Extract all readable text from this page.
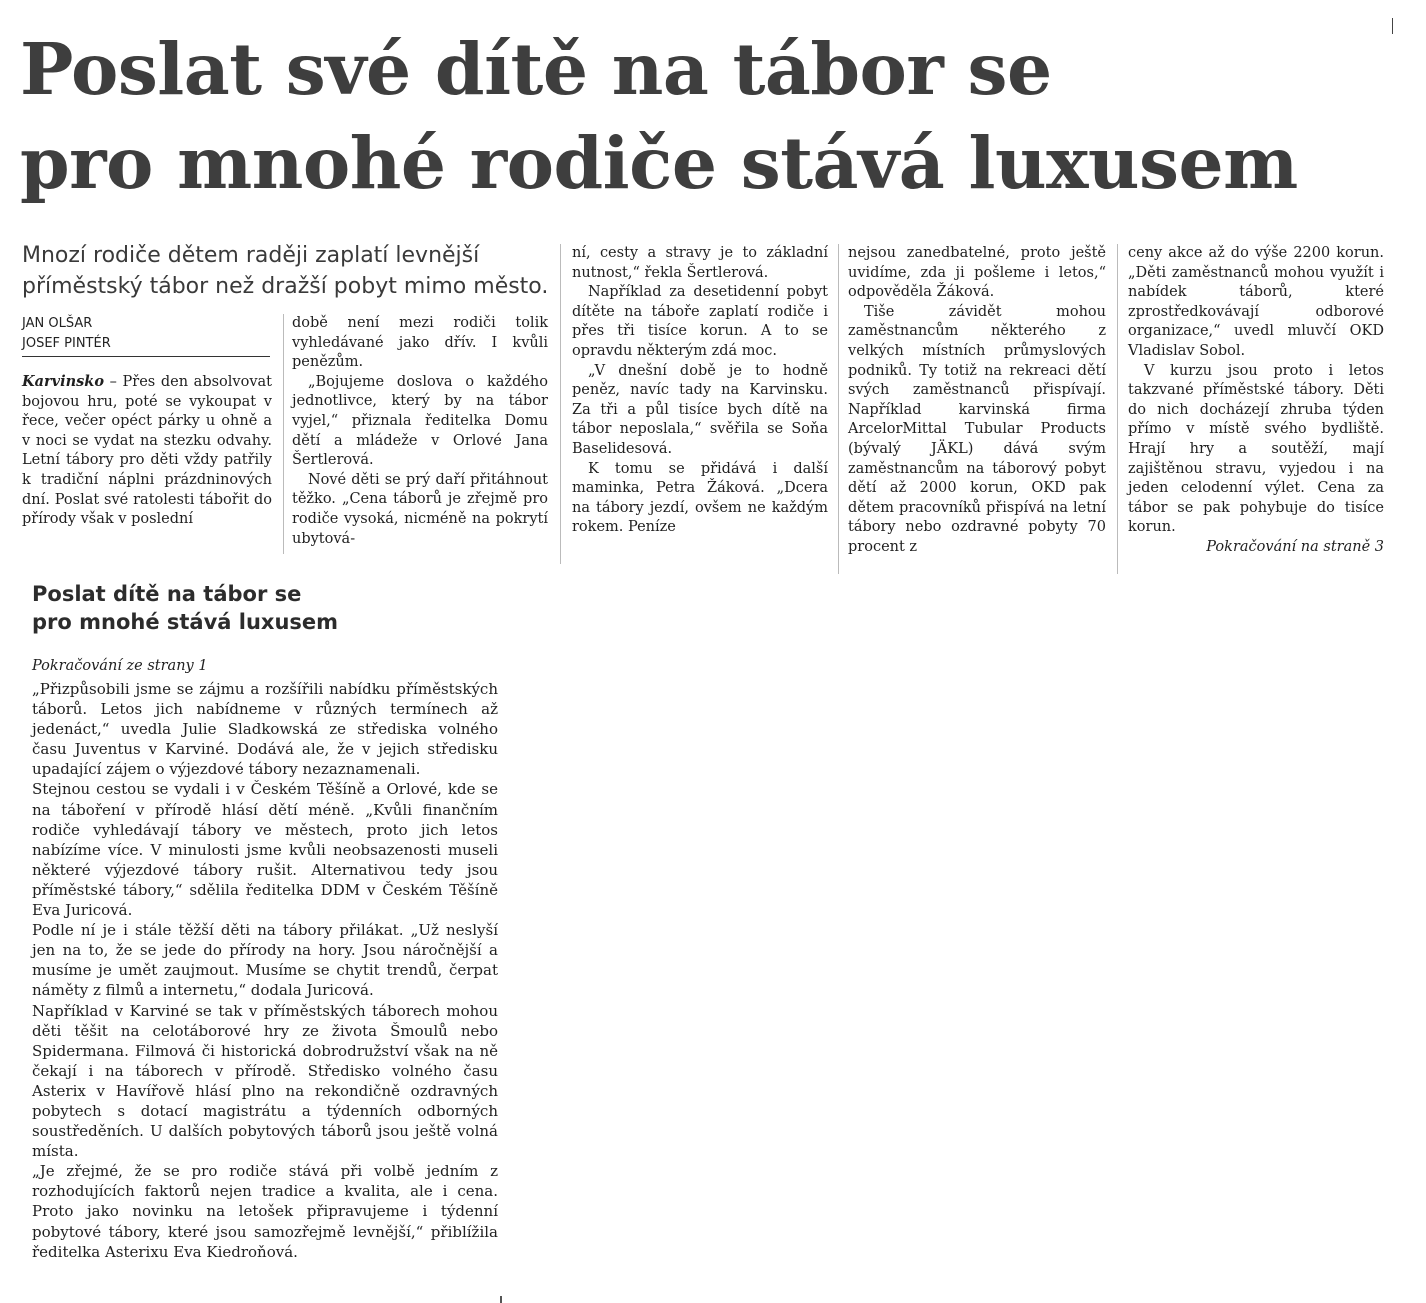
Poslat své dítě na tábor se
pro mnohé rodiče stává luxusem

Mnozí rodiče dětem raději zaplatí levnější příměstský tábor než dražší pobyt mimo město.

JAN OLŠAR
JOSEF PINTÉR

Karvinsko – Přes den absolvovat bojovou hru, poté se vykoupat v řece, večer opéct párky u ohně a v noci se vydat na stezku odvahy. Letní tábory pro děti vždy patřily k tradiční náplni prázdninových dní. Poslat své ratolesti tábořit do přírody však v poslední

době není mezi rodiči tolik vyhledávané jako dřív. I kvůli penězům.

„Bojujeme doslova o každého jednotlivce, který by na tábor vyjel,“ přiznala ředitelka Domu dětí a mládeže v Orlové Jana Šertlerová.

Nové děti se prý daří přitáhnout těžko. „Cena táborů je zřejmě pro rodiče vysoká, nicméně na pokrytí ubytová-

ní, cesty a stravy je to základní nutnost,“ řekla Šertlerová.

Například za desetidenní pobyt dítěte na táboře zaplatí rodiče i přes tři tisíce korun. A to se opravdu některým zdá moc.

„V dnešní době je to hodně peněz, navíc tady na Karvinsku. Za tři a půl tisíce bych dítě na tábor neposlala,“ svěřila se Soňa Baselidesová.

K tomu se přidává i další maminka, Petra Žáková. „Dcera na tábory jezdí, ovšem ne každým rokem. Peníze

nejsou zanedbatelné, proto ještě uvidíme, zda ji pošleme i letos,“ odpověděla Žáková.

Tiše závidět mohou zaměstnancům některého z velkých místních průmyslových podniků. Ty totiž na rekreaci dětí svých zaměstnanců přispívají. Například karvinská firma ArcelorMittal Tubular Products (bývalý JÄKL) dává svým zaměstnancům na táborový pobyt dětí až 2000 korun, OKD pak dětem pracovníků přispívá na letní tábory nebo ozdravné pobyty 70 procent z

ceny akce až do výše 2200 korun. „Děti zaměstnanců mohou využít i nabídek táborů, které zprostředkovávají odborové organizace,“ uvedl mluvčí OKD Vladislav Sobol.

V kurzu jsou proto i letos takzvané příměstské tábory. Děti do nich docházejí zhruba týden přímo v místě svého bydliště. Hrají hry a soutěží, mají zajištěnou stravu, vyjedou i na jeden celodenní výlet. Cena za tábor se pak pohybuje do tisíce korun.

Pokračování na straně 3

Poslat dítě na tábor se
pro mnohé stává luxusem
Pokračování ze strany 1

„Přizpůsobili jsme se zájmu a rozšířili nabídku příměstských táborů. Letos jich nabídneme v různých termínech až jedenáct,“ uvedla Julie Sladkowská ze střediska volného času Juventus v Karviné. Dodává ale, že v jejich středisku upadající zájem o výjezdové tábory nezaznamenali.

Stejnou cestou se vydali i v Českém Těšíně a Orlové, kde se na táboření v přírodě hlásí dětí méně. „Kvůli finančním rodiče vyhledávají tábory ve městech, proto jich letos nabízíme více. V minulosti jsme kvůli neobsazenosti museli některé výjezdové tábory rušit. Alternativou tedy jsou příměstské tábory,“ sdělila ředitelka DDM v Českém Těšíně Eva Juricová.

Podle ní je i stále těžší děti na tábory přilákat. „Už neslyší jen na to, že se jede do přírody na hory. Jsou náročnější a musíme je umět zaujmout. Musíme se chytit trendů, čerpat náměty z filmů a internetu,“ dodala Juricová.

Například v Karviné se tak v příměstských táborech mohou děti těšit na celotáborové hry ze života Šmoulů nebo Spidermana. Filmová či historická dobrodružství však na ně čekají i na táborech v přírodě. Středisko volného času Asterix v Havířově hlásí plno na rekondičně ozdravných pobytech s dotací magistrátu a týdenních odborných soustředěních. U dalších pobytových táborů jsou ještě volná místa.

„Je zřejmé, že se pro rodiče stává při volbě jedním z rozhodujících faktorů nejen tradice a kvalita, ale i cena. Proto jako novinku na letošek připravujeme i týdenní pobytové tábory, které jsou samozřejmě levnější,“ přiblížila ředitelka Asterixu Eva Kiedroňová.
